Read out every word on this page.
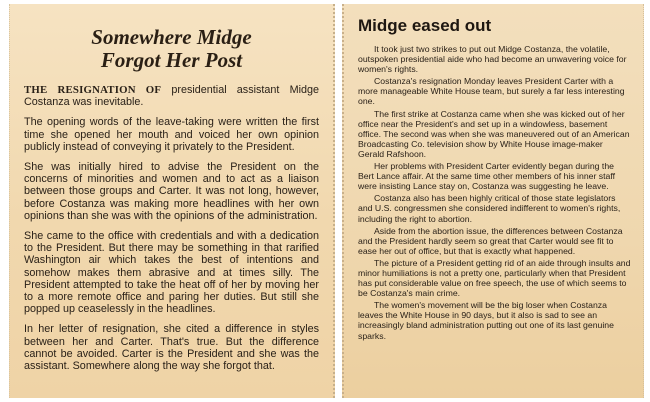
Somewhere Midge
Forgot Her Post

THE RESIGNATION OF presidential assistant Midge Costanza was inevitable.

The opening words of the leave-taking were written the first time she opened her mouth and voiced her own opinion publicly instead of conveying it privately to the President.

She was initially hired to advise the President on the concerns of minorities and women and to act as a liaison between those groups and Carter. It was not long, however, before Costanza was making more headlines with her own opinions than she was with the opinions of the administration.

She came to the office with credentials and with a dedication to the President. But there may be something in that rarified Washington air which takes the best of intentions and somehow makes them abrasive and at times silly. The President attempted to take the heat off of her by moving her to a more remote office and paring her duties. But still she popped up ceaselessly in the headlines.

In her letter of resignation, she cited a difference in styles between her and Carter. That's true. But the difference cannot be avoided. Carter is the President and she was the assistant. Somewhere along the way she forgot that.

Midge eased out

It took just two strikes to put out Midge Costanza, the volatile, outspoken presidential aide who had become an unwavering voice for women's rights.

Costanza's resignation Monday leaves President Carter with a more manageable White House team, but surely a far less interesting one.

The first strike at Costanza came when she was kicked out of her office near the President's and set up in a windowless, basement office. The second was when she was maneuvered out of an American Broadcasting Co. television show by White House image-maker Gerald Rafshoon.

Her problems with President Carter evidently began during the Bert Lance affair. At the same time other members of his inner staff were insisting Lance stay on, Costanza was suggesting he leave.

Costanza also has been highly critical of those state legislators and U.S. congressmen she considered indifferent to women's rights, including the right to abortion.

Aside from the abortion issue, the differences between Costanza and the President hardly seem so great that Carter would see fit to ease her out of office, but that is exactly what happened.

The picture of a President getting rid of an aide through insults and minor humiliations is not a pretty one, particularly when that President has put considerable value on free speech, the use of which seems to be Costanza's main crime.

The women's movement will be the big loser when Costanza leaves the White House in 90 days, but it also is sad to see an increasingly bland administration putting out one of its last genuine sparks.
